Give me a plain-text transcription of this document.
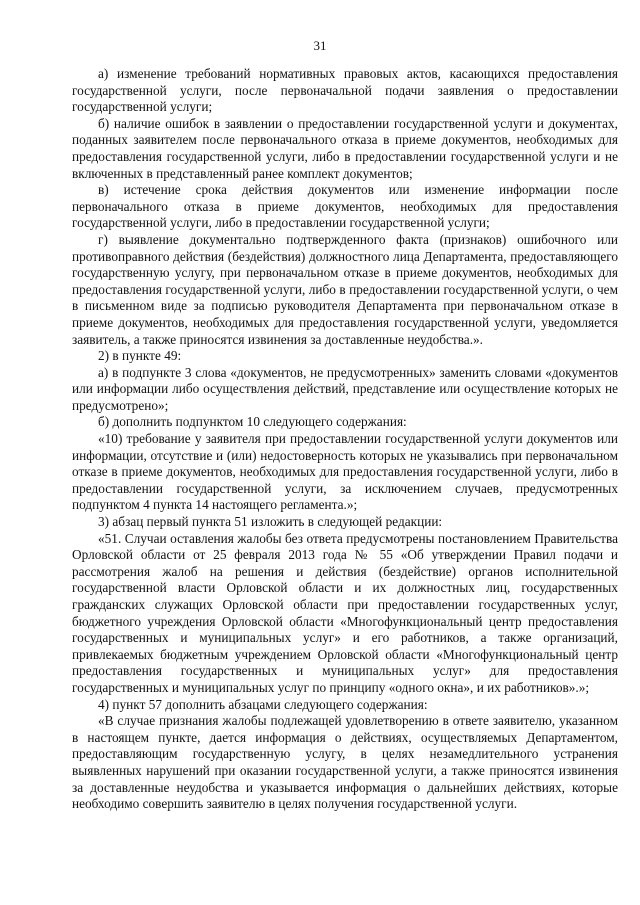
31

а) изменение требований нормативных правовых актов, касающихся предоставления государственной услуги, после первоначальной подачи заявления о предоставлении государственной услуги;

б) наличие ошибок в заявлении о предоставлении государственной услуги и документах, поданных заявителем после первоначального отказа в приеме документов, необходимых для предоставления государственной услуги, либо в предоставлении государственной услуги и не включенных в представленный ранее комплект документов;

в) истечение срока действия документов или изменение информации после первоначального отказа в приеме документов, необходимых для предоставления государственной услуги, либо в предоставлении государственной услуги;

г) выявление документально подтвержденного факта (признаков) ошибочного или противоправного действия (бездействия) должностного лица Департамента, предоставляющего государственную услугу, при первоначальном отказе в приеме документов, необходимых для предоставления государственной услуги, либо в предоставлении государственной услуги, о чем в письменном виде за подписью руководителя Департамента при первоначальном отказе в приеме документов, необходимых для предоставления государственной услуги, уведомляется заявитель, а также приносятся извинения за доставленные неудобства.».

2) в пункте 49:

а) в подпункте 3 слова «документов, не предусмотренных» заменить словами «документов или информации либо осуществления действий, представление или осуществление которых не предусмотрено»;

б) дополнить подпунктом 10 следующего содержания:

«10) требование у заявителя при предоставлении государственной услуги документов или информации, отсутствие и (или) недостоверность которых не указывались при первоначальном отказе в приеме документов, необходимых для предоставления государственной услуги, либо в предоставлении государственной услуги, за исключением случаев, предусмотренных подпунктом 4 пункта 14 настоящего регламента.»;

3) абзац первый пункта 51 изложить в следующей редакции:

«51. Случаи оставления жалобы без ответа предусмотрены постановлением Правительства Орловской области от 25 февраля 2013 года № 55 «Об утверждении Правил подачи и рассмотрения жалоб на решения и действия (бездействие) органов исполнительной государственной власти Орловской области и их должностных лиц, государственных гражданских служащих Орловской области при предоставлении государственных услуг, бюджетного учреждения Орловской области «Многофункциональный центр предоставления государственных и муниципальных услуг» и его работников, а также организаций, привлекаемых бюджетным учреждением Орловской области «Многофункциональный центр предоставления государственных и муниципальных услуг» для предоставления государственных и муниципальных услуг по принципу «одного окна», и их работников».»;

4) пункт 57 дополнить абзацами следующего содержания:

«В случае признания жалобы подлежащей удовлетворению в ответе заявителю, указанном в настоящем пункте, дается информация о действиях, осуществляемых Департаментом, предоставляющим государственную услугу, в целях незамедлительного устранения выявленных нарушений при оказании государственной услуги, а также приносятся извинения за доставленные неудобства и указывается информация о дальнейших действиях, которые необходимо совершить заявителю в целях получения государственной услуги.
